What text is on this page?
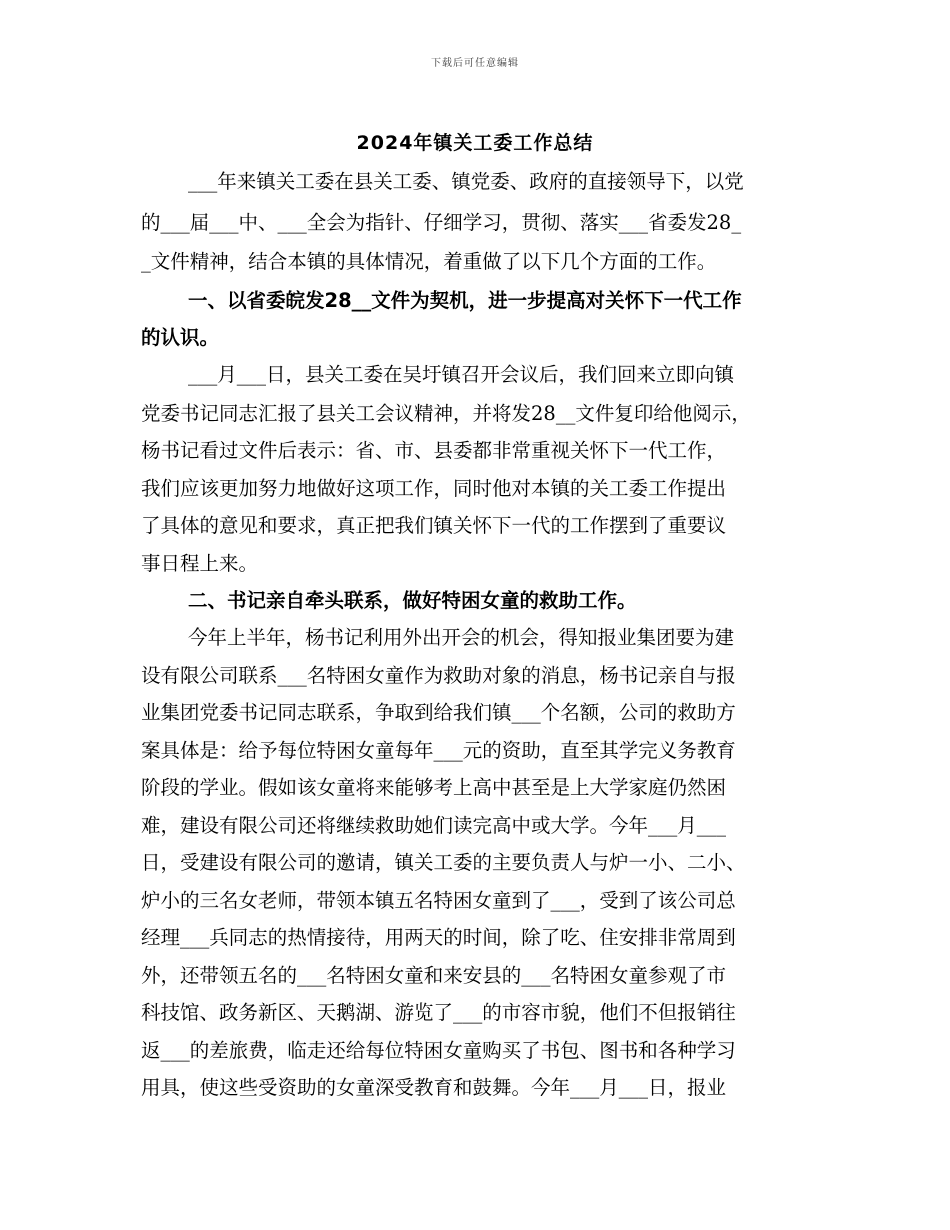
下载后可任意编辑
2024年镇关工委工作总结
___年来镇关工委在县关工委、镇党委、政府的直接领导下，以党
的___届___中、___全会为指针、仔细学习，贯彻、落实___省委发28_
_文件精神，结合本镇的具体情况，着重做了以下几个方面的工作。
一、以省委皖发28__文件为契机，进一步提高对关怀下一代工作
的认识。
___月___日，县关工委在吴圩镇召开会议后，我们回来立即向镇
党委书记同志汇报了县关工会议精神，并将发28__文件复印给他阅示，
杨书记看过文件后表示：省、市、县委都非常重视关怀下一代工作，
我们应该更加努力地做好这项工作，同时他对本镇的关工委工作提出
了具体的意见和要求，真正把我们镇关怀下一代的工作摆到了重要议
事日程上来。
二、书记亲自牵头联系，做好特困女童的救助工作。
今年上半年，杨书记利用外出开会的机会，得知报业集团要为建
设有限公司联系___名特困女童作为救助对象的消息，杨书记亲自与报
业集团党委书记同志联系，争取到给我们镇___个名额，公司的救助方
案具体是：给予每位特困女童每年___元的资助，直至其学完义务教育
阶段的学业。假如该女童将来能够考上高中甚至是上大学家庭仍然困
难，建设有限公司还将继续救助她们读完高中或大学。今年___月___
日，受建设有限公司的邀请，镇关工委的主要负责人与炉一小、二小、
炉小的三名女老师，带领本镇五名特困女童到了___，受到了该公司总
经理___兵同志的热情接待，用两天的时间，除了吃、住安排非常周到
外，还带领五名的___名特困女童和来安县的___名特困女童参观了市
科技馆、政务新区、天鹅湖、游览了___的市容市貌，他们不但报销往
返___的差旅费，临走还给每位特困女童购买了书包、图书和各种学习
用具，使这些受资助的女童深受教育和鼓舞。今年___月___日，报业
